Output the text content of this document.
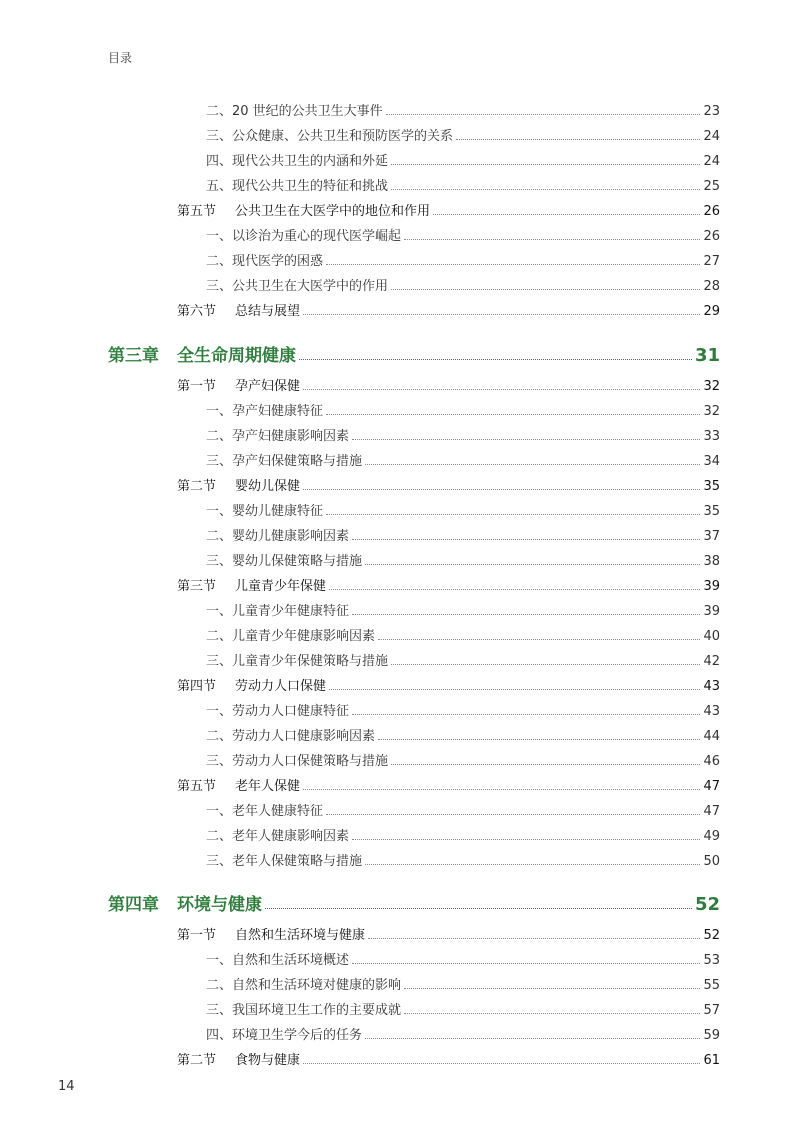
目录
二、20 世纪的公共卫生大事件	23
三、公众健康、公共卫生和预防医学的关系	24
四、现代公共卫生的内涵和外延	24
五、现代公共卫生的特征和挑战	25
第五节 公共卫生在大医学中的地位和作用	26
一、以诊治为重心的现代医学崛起	26
二、现代医学的困惑	27
三、公共卫生在大医学中的作用	28
第六节 总结与展望	29
第三章 全生命周期健康	31
第一节 孕产妇保健	32
一、孕产妇健康特征	32
二、孕产妇健康影响因素	33
三、孕产妇保健策略与措施	34
第二节 婴幼儿保健	35
一、婴幼儿健康特征	35
二、婴幼儿健康影响因素	37
三、婴幼儿保健策略与措施	38
第三节 儿童青少年保健	39
一、儿童青少年健康特征	39
二、儿童青少年健康影响因素	40
三、儿童青少年保健策略与措施	42
第四节 劳动力人口保健	43
一、劳动力人口健康特征	43
二、劳动力人口健康影响因素	44
三、劳动力人口保健策略与措施	46
第五节 老年人保健	47
一、老年人健康特征	47
二、老年人健康影响因素	49
三、老年人保健策略与措施	50
第四章 环境与健康	52
第一节 自然和生活环境与健康	52
一、自然和生活环境概述	53
二、自然和生活环境对健康的影响	55
三、我国环境卫生工作的主要成就	57
四、环境卫生学今后的任务	59
第二节 食物与健康	61
14
